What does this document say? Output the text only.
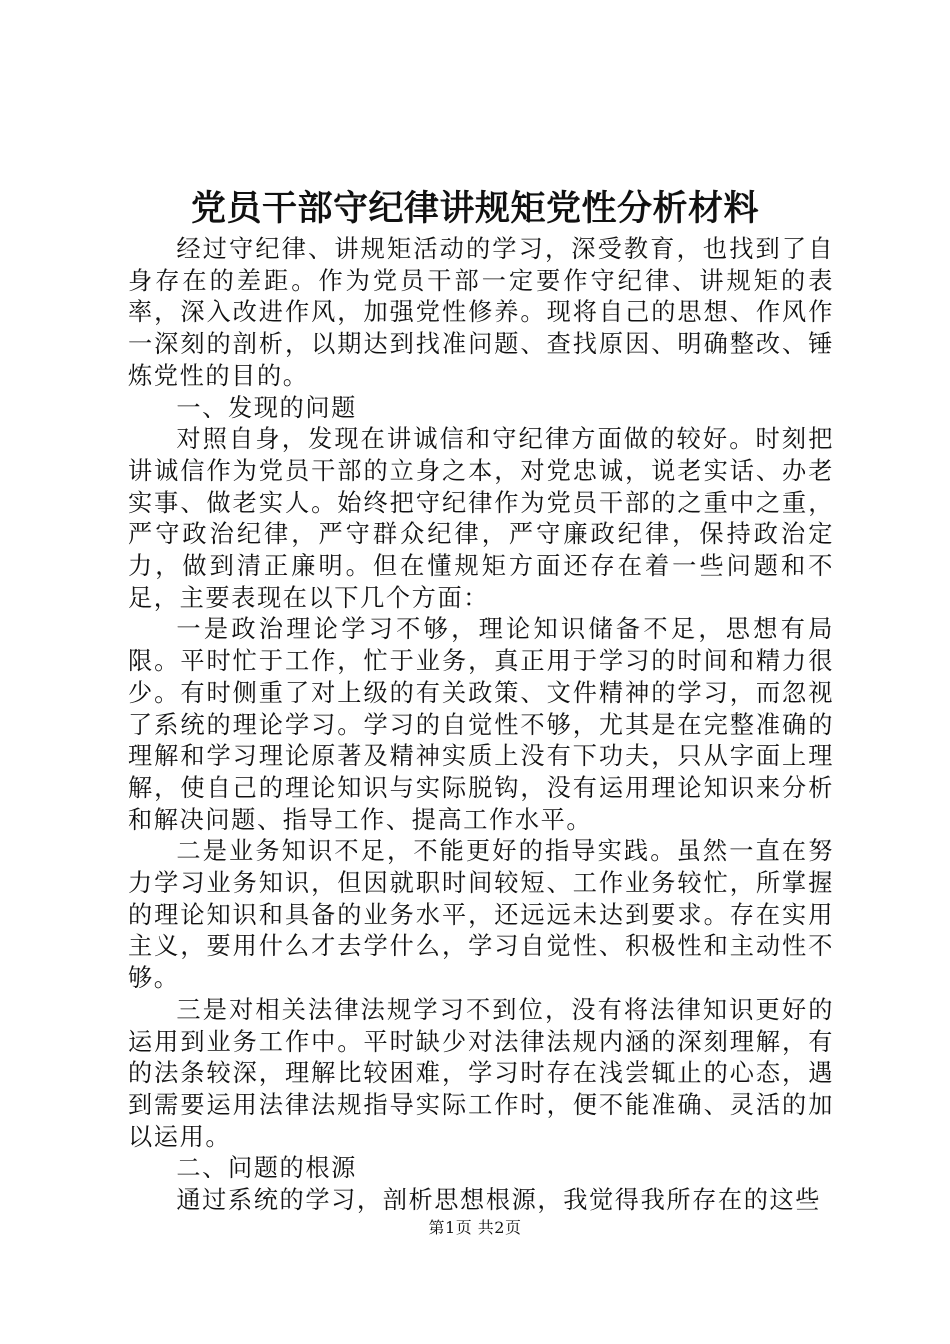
党员干部守纪律讲规矩党性分析材料

经过守纪律、讲规矩活动的学习，深受教育，也找到了自身存在的差距。作为党员干部一定要作守纪律、讲规矩的表率，深入改进作风，加强党性修养。现将自己的思想、作风作一深刻的剖析，以期达到找准问题、查找原因、明确整改、锤炼党性的目的。

一、发现的问题

对照自身，发现在讲诚信和守纪律方面做的较好。时刻把讲诚信作为党员干部的立身之本，对党忠诚，说老实话、办老实事、做老实人。始终把守纪律作为党员干部的之重中之重，严守政治纪律，严守群众纪律，严守廉政纪律，保持政治定力，做到清正廉明。但在懂规矩方面还存在着一些问题和不足，主要表现在以下几个方面：

一是政治理论学习不够，理论知识储备不足，思想有局限。平时忙于工作，忙于业务，真正用于学习的时间和精力很少。有时侧重了对上级的有关政策、文件精神的学习，而忽视了系统的理论学习。学习的自觉性不够，尤其是在完整准确的理解和学习理论原著及精神实质上没有下功夫，只从字面上理解，使自己的理论知识与实际脱钩，没有运用理论知识来分析和解决问题、指导工作、提高工作水平。

二是业务知识不足，不能更好的指导实践。虽然一直在努力学习业务知识，但因就职时间较短、工作业务较忙，所掌握的理论知识和具备的业务水平，还远远未达到要求。存在实用主义，要用什么才去学什么，学习自觉性、积极性和主动性不够。

三是对相关法律法规学习不到位，没有将法律知识更好的运用到业务工作中。平时缺少对法律法规内涵的深刻理解，有的法条较深，理解比较困难，学习时存在浅尝辄止的心态，遇到需要运用法律法规指导实际工作时，便不能准确、灵活的加以运用。

二、问题的根源

通过系统的学习，剖析思想根源，我觉得我所存在的这些

第1页 共2页
